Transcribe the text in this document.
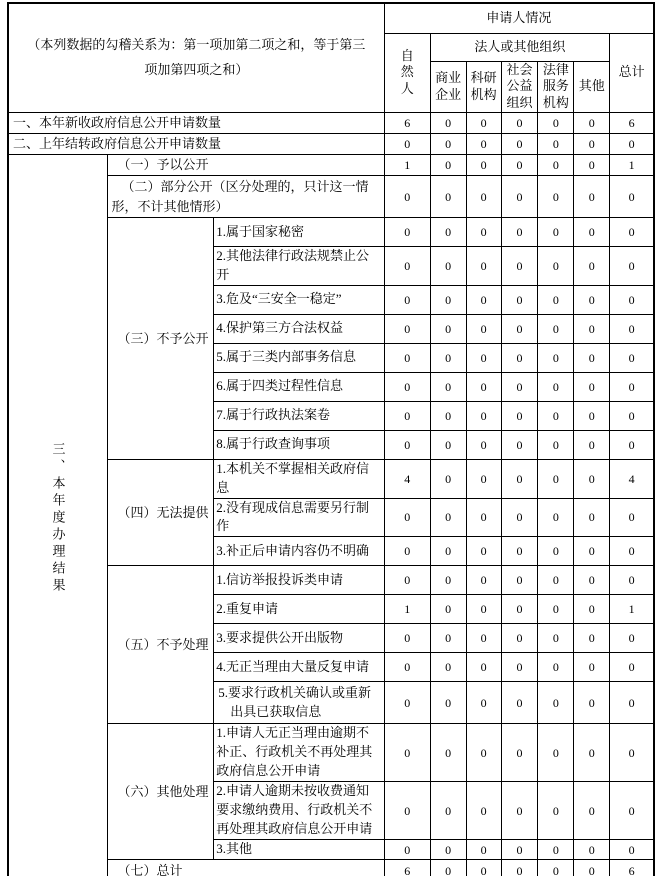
（本列数据的勾稽关系为：第一项加第二项之和，等于第三项加第四项之和）			申请人情况						
			自然人	法人或其他组织					总计
				商业企业	科研机构	社会公益组织	法律服务机构	其他	
一、本年新收政府信息公开申请数量			6	0	0	0	0	0	6
二、上年结转政府信息公开申请数量			0	0	0	0	0	0	0
三、本年度办理结果	（一）予以公开		1	0	0	0	0	0	1
	（二）部分公开（区分处理的，只计这一情形，不计其他情形）		0	0	0	0	0	0	0
	（三）不予公开	1.属于国家秘密	0	0	0	0	0	0	0
		2.其他法律行政法规禁止公开	0	0	0	0	0	0	0
		3.危及“三安全一稳定”	0	0	0	0	0	0	0
		4.保护第三方合法权益	0	0	0	0	0	0	0
		5.属于三类内部事务信息	0	0	0	0	0	0	0
		6.属于四类过程性信息	0	0	0	0	0	0	0
		7.属于行政执法案卷	0	0	0	0	0	0	0
		8.属于行政查询事项	0	0	0	0	0	0	0
	（四）无法提供	1.本机关不掌握相关政府信息	4	0	0	0	0	0	4
		2.没有现成信息需要另行制作	0	0	0	0	0	0	0
		3.补正后申请内容仍不明确	0	0	0	0	0	0	0
	（五）不予处理	1.信访举报投诉类申请	0	0	0	0	0	0	0
		2.重复申请	1	0	0	0	0	0	1
		3.要求提供公开出版物	0	0	0	0	0	0	0
		4.无正当理由大量反复申请	0	0	0	0	0	0	0
		5.要求行政机关确认或重新出具已获取信息	0	0	0	0	0	0	0
	（六）其他处理	1.申请人无正当理由逾期不补正、行政机关不再处理其政府信息公开申请	0	0	0	0	0	0	0
		2.申请人逾期未按收费通知要求缴纳费用、行政机关不再处理其政府信息公开申请	0	0	0	0	0	0	0
		3.其他	0	0	0	0	0	0	0
	（七）总计		6	0	0	0	0	0	6
